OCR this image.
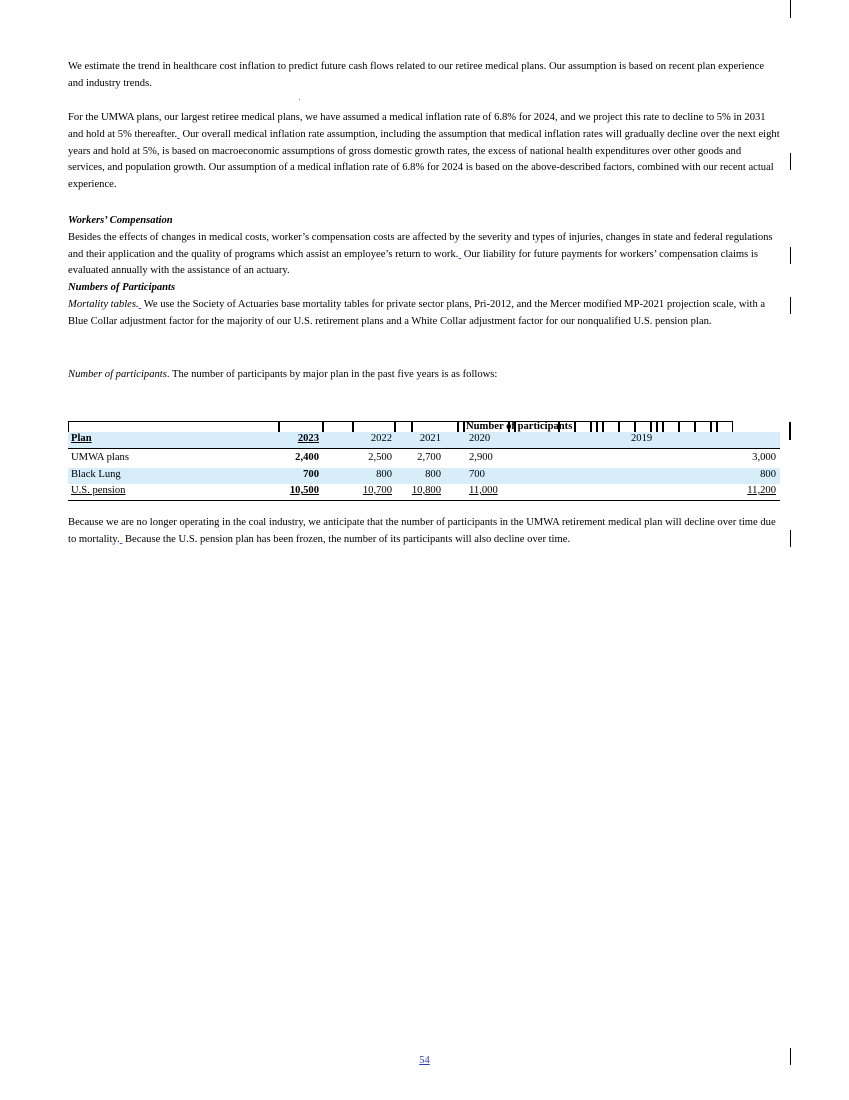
We estimate the trend in healthcare cost inflation to predict future cash flows related to our retiree medical plans. Our assumption is based on recent plan experience and industry trends.

For the UMWA plans, our largest retiree medical plans, we have assumed a medical inflation rate of 6.8% for 2024, and we project this rate to decline to 5% in 2031 and hold at 5% thereafter.  Our overall medical inflation rate assumption, including the assumption that medical inflation rates will gradually decline over the next eight years and hold at 5%, is based on macroeconomic assumptions of gross domestic growth rates, the excess of national health expenditures over other goods and services, and population growth. Our assumption of a medical inflation rate of 6.8% for 2024 is based on the above-described factors, combined with our recent actual experience.

Workers’ Compensation
Besides the effects of changes in medical costs, worker’s compensation costs are affected by the severity and types of injuries, changes in state and federal regulations and their application and the quality of programs which assist an employee’s return to work.  Our liability for future payments for workers’ compensation claims is evaluated annually with the assistance of an actuary.
Numbers of Participants
Mortality tables.  We use the Society of Actuaries base mortality tables for private sector plans, Pri-2012, and the Mercer modified MP-2021 projection scale, with a Blue Collar adjustment factor for the majority of our U.S. retirement plans and a White Collar adjustment factor for our nonqualified U.S. pension plan.

Number of participants. The number of participants by major plan in the past five years is as follows:

Number of participants
Plan	2023	2022	2021	2020	2019
UMWA plans	2,400	2,500 2,700	2,900	3,000
Black Lung	700	800	800	700	800
U.S. pension	10,500	10,700 10,800	11,000	11,200

Because we are no longer operating in the coal industry, we anticipate that the number of participants in the UMWA retirement medical plan will decline over time due to mortality.  Because the U.S. pension plan has been frozen, the number of its participants will also decline over time.

54
